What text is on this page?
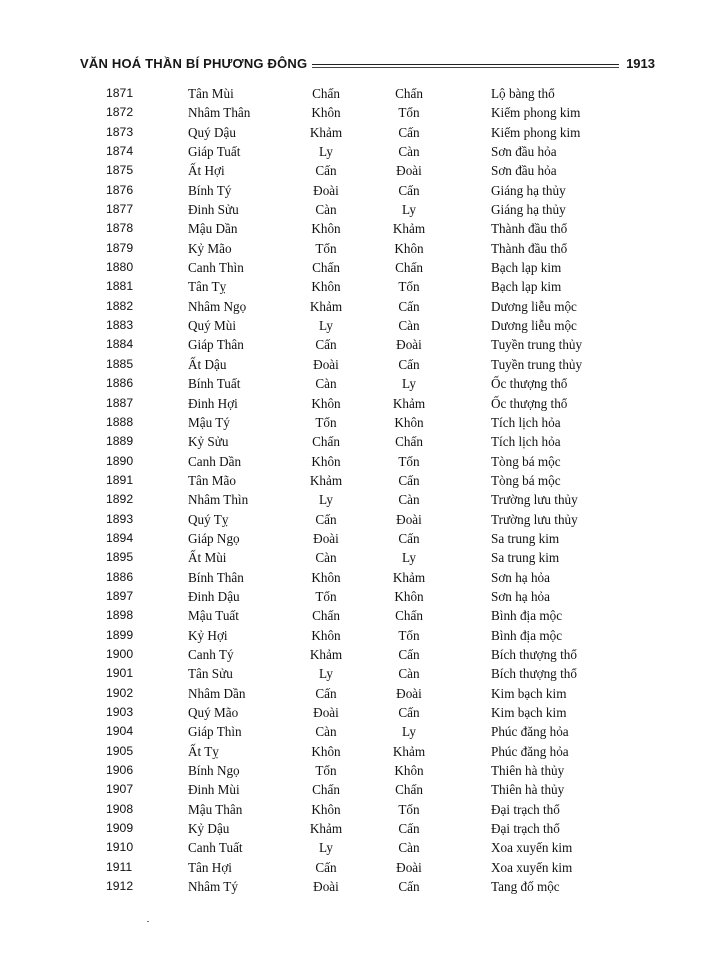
VĂN HOÁ THẦN BÍ PHƯƠNG ĐÔNG	1913
1871	Tân Mùi	Chấn	Chấn	Lộ bàng thổ
1872	Nhâm Thân	Khôn	Tốn	Kiếm phong kim
1873	Quý Dậu	Khảm	Cấn	Kiếm phong kim
1874	Giáp Tuất	Ly	Càn	Sơn đầu hỏa
1875	Ất Hợi	Cấn	Đoài	Sơn đầu hỏa
1876	Bính Tý	Đoài	Cấn	Giáng hạ thủy
1877	Đinh Sửu	Càn	Ly	Giáng hạ thủy
1878	Mậu Dần	Khôn	Khảm	Thành đầu thổ
1879	Kỷ Mão	Tốn	Khôn	Thành đầu thổ
1880	Canh Thìn	Chấn	Chấn	Bạch lạp kim
1881	Tân Tỵ	Khôn	Tốn	Bạch lạp kim
1882	Nhâm Ngọ	Khảm	Cấn	Dương liễu mộc
1883	Quý Mùi	Ly	Càn	Dương liễu mộc
1884	Giáp Thân	Cấn	Đoài	Tuyền trung thủy
1885	Ất Dậu	Đoài	Cấn	Tuyền trung thủy
1886	Bính Tuất	Càn	Ly	Ốc thượng thổ
1887	Đinh Hợi	Khôn	Khảm	Ốc thượng thổ
1888	Mậu Tý	Tốn	Khôn	Tích lịch hỏa
1889	Kỷ Sửu	Chấn	Chấn	Tích lịch hỏa
1890	Canh Dần	Khôn	Tốn	Tòng bá mộc
1891	Tân Mão	Khảm	Cấn	Tòng bá mộc
1892	Nhâm Thìn	Ly	Càn	Trường lưu thủy
1893	Quý Tỵ	Cấn	Đoài	Trường lưu thủy
1894	Giáp Ngọ	Đoài	Cấn	Sa trung kim
1895	Ất Mùi	Càn	Ly	Sa trung kim
1886	Bính Thân	Khôn	Khảm	Sơn hạ hỏa
1897	Đinh Dậu	Tốn	Khôn	Sơn hạ hỏa
1898	Mậu Tuất	Chấn	Chấn	Bình địa mộc
1899	Kỷ Hợi	Khôn	Tốn	Bình địa mộc
1900	Canh Tý	Khảm	Cấn	Bích thượng thổ
1901	Tân Sửu	Ly	Càn	Bích thượng thổ
1902	Nhâm Dần	Cấn	Đoài	Kim bạch kim
1903	Quý Mão	Đoài	Cấn	Kim bạch kim
1904	Giáp Thìn	Càn	Ly	Phúc đăng hỏa
1905	Ất Tỵ	Khôn	Khảm	Phúc đăng hỏa
1906	Bính Ngọ	Tốn	Khôn	Thiên hà thủy
1907	Đinh Mùi	Chấn	Chấn	Thiên hà thủy
1908	Mậu Thân	Khôn	Tốn	Đại trạch thổ
1909	Kỷ Dậu	Khảm	Cấn	Đại trạch thổ
1910	Canh Tuất	Ly	Càn	Xoa xuyến kim
1911	Tân Hợi	Cấn	Đoài	Xoa xuyến kim
1912	Nhâm Tý	Đoài	Cấn	Tang đố mộc
